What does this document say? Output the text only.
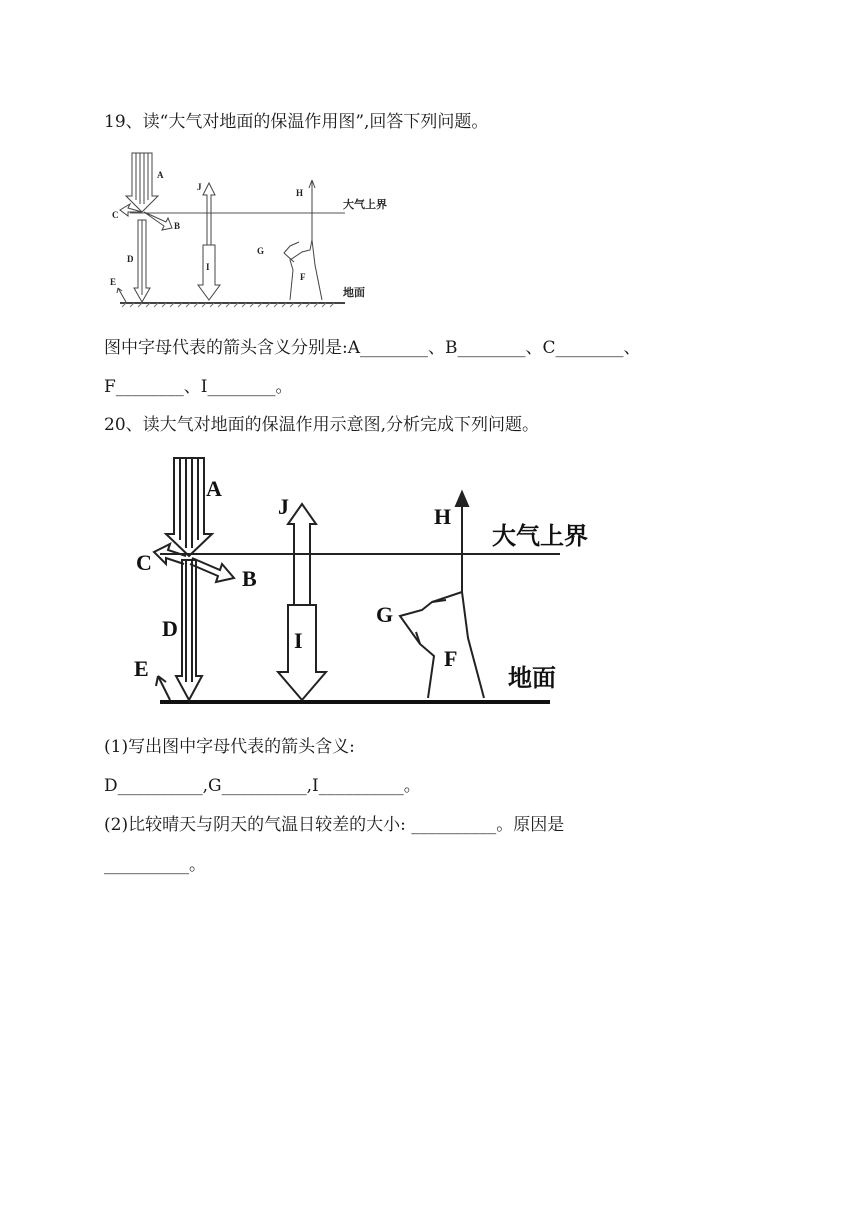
19、读“大气对地面的保温作用图”,回答下列问题。
A
C
B
D
E
J
I
H
G
F
大气上界
地面
图中字母代表的箭头含义分别是:A________、B________、C________、
F________、I________。
20、读大气对地面的保温作用示意图,分析完成下列问题。
A
C
B
D
E
J
I
H
G
F
大气上界
地面
(1)写出图中字母代表的箭头含义:
D__________,G__________,I__________。
(2)比较晴天与阴天的气温日较差的大小: __________。原因是
__________。
